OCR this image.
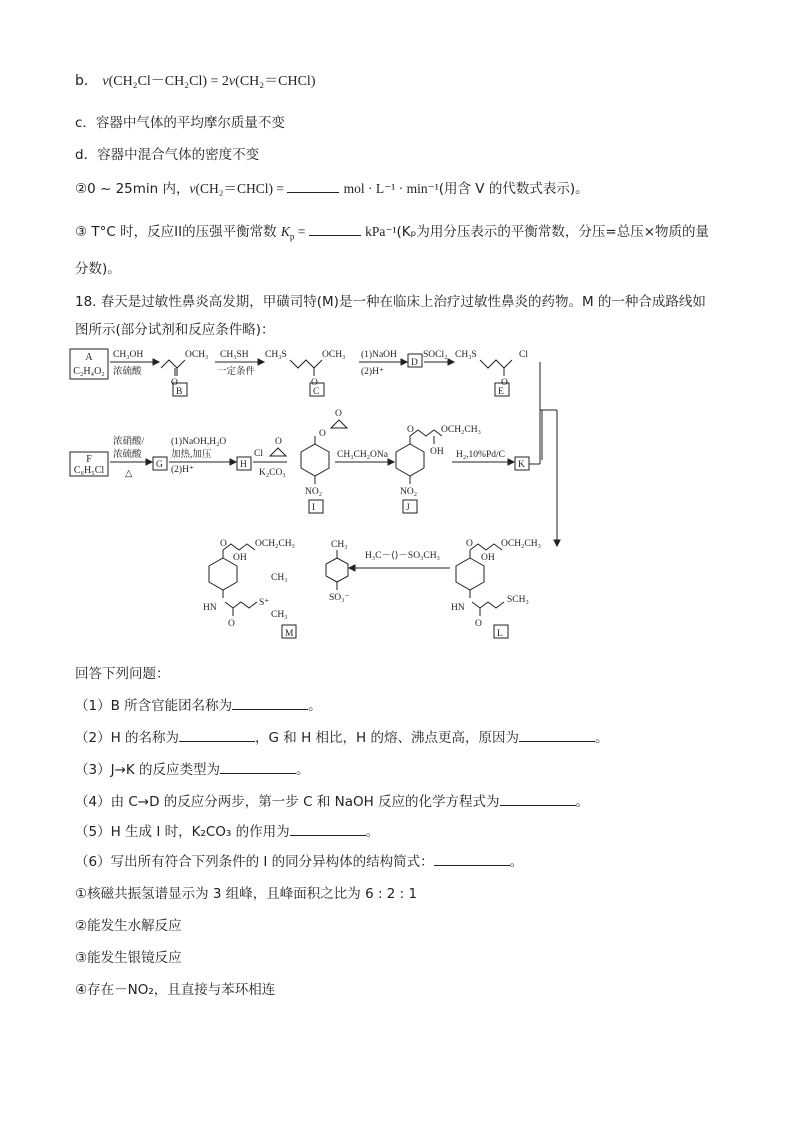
b． v(CH₂Cl－CH₂Cl) = 2v(CH₂＝CHCl)
c．容器中气体的平均摩尔质量不变
d．容器中混合气体的密度不变
②0 ~ 25min 内，v(CH₂＝CHCl) =	mol · L⁻¹ · min⁻¹(用含 V 的代数式表示)。
③ T°C 时，反应II的压强平衡常数 $K_p$ =	kPa⁻¹(Kₚ为用分压表示的平衡常数，分压=总压×物质的量
分数)。
18. 春天是过敏性鼻炎高发期，甲磺司特(M)是一种在临床上治疗过敏性鼻炎的药物。M 的一种合成路线如
图所示(部分试剂和反应条件略)：
A
C₂H₄O₂
CH₃OH
浓硫酸
OCH₃
O
B
CH₃SH
一定条件
CH₃S	OCH₃
O
C
(1)NaOH
(2)H⁺
D
SOCl₂ CH₃S	Cl
O
E
F
C₆H₅Cl
浓硝酸/
浓硫酸
△
G
(1)NaOH,H₂O
加热,加压
(2)H⁺	H
Cl
O
K₂CO₃
O
O
NO₂
I
CH₃CH₂ONa
O
OH
OCH₂CH₃
NO₂
J
H₂,10%Pd/C
K
O
OH
OCH₂CH₃
HN
O
S⁺
CH₃
CH₃
M
CH₃
SO₃⁻
H₃C－⟨⟩－SO₃CH₃
O
OH
OCH₂CH₃
HN
O
SCH₃
L
回答下列问题：
（1）B 所含官能团名称为	。
（2）H 的名称为	，G 和 H 相比，H 的熔、沸点更高，原因为	。
（3）J→K 的反应类型为	。
（4）由 C→D 的反应分两步，第一步 C 和 NaOH 反应的化学方程式为	。
（5）H 生成 I 时，K₂CO₃ 的作用为	。
（6）写出所有符合下列条件的 I 的同分异构体的结构简式：	。
①核磁共振氢谱显示为 3 组峰，且峰面积之比为 6 : 2 : 1
②能发生水解反应
③能发生银镜反应
④存在－NO₂，且直接与苯环相连
